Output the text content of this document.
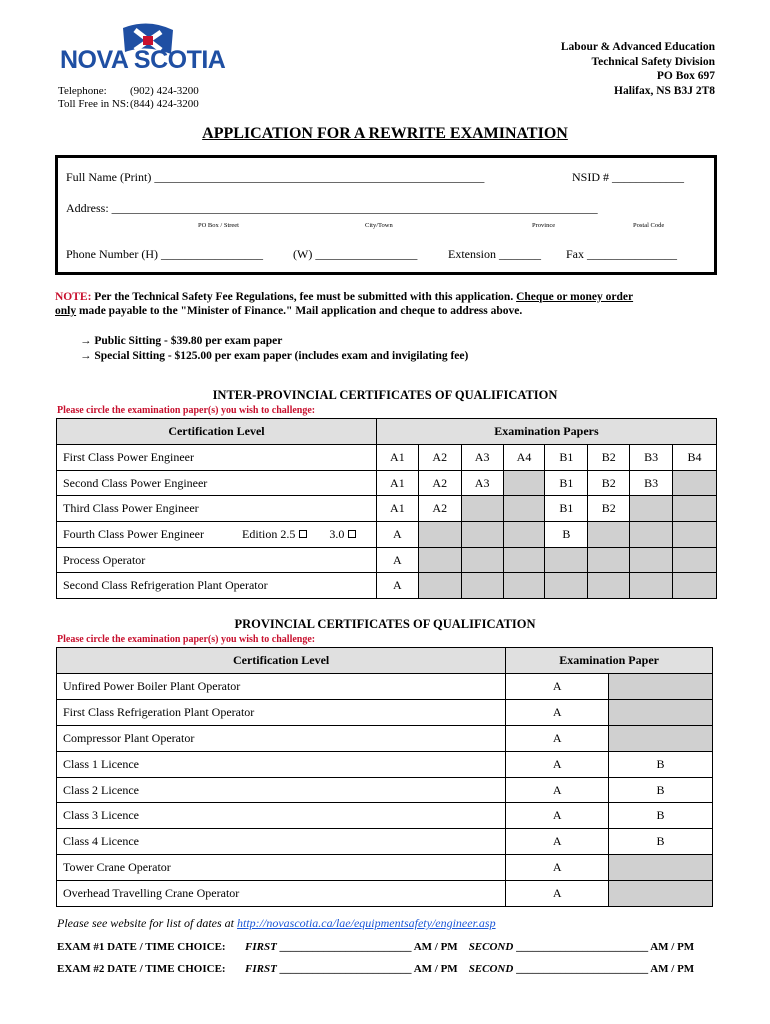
NOVA SCOTIA
Telephone:	(902) 424-3200
Toll Free in NS: (844) 424-3200
Labour & Advanced Education
Technical Safety Division
PO Box 697
Halifax, NS B3J 2T8
APPLICATION FOR A REWRITE EXAMINATION
Full Name (Print) _______________________________________________________	NSID # ____________
Address: _________________________________________________________________________________
PO Box / Street	City/Town	Province	Postal Code
Phone Number (H) _________________	(W) _________________	Extension _______ Fax _______________
NOTE: Per the Technical Safety Fee Regulations, fee must be submitted with this application. Cheque or money order
only made payable to the "Minister of Finance." Mail application and cheque to address above.
→ Public Sitting - $39.80 per exam paper
→ Special Sitting - $125.00 per exam paper (includes exam and invigilating fee)
INTER-PROVINCIAL CERTIFICATES OF QUALIFICATION
Please circle the examination paper(s) you wish to challenge:
Certification Level	Examination Papers							
First Class Power Engineer	A1	A2	A3	A4	B1	B2	B3	B4
Second Class Power Engineer	A1	A2	A3		B1	B2	B3	
Third Class Power Engineer	A1	A2			B1	B2		
Fourth Class Power Engineer Edition 2.5 3.0	A				B			
Process Operator	A							
Second Class Refrigeration Plant Operator	A							
PROVINCIAL CERTIFICATES OF QUALIFICATION
Please circle the examination paper(s) you wish to challenge:
Certification Level	Examination Paper	
Unfired Power Boiler Plant Operator	A	
First Class Refrigeration Plant Operator	A	
Compressor Plant Operator	A	
Class 1 Licence	A	B
Class 2 Licence	A	B
Class 3 Licence	A	B
Class 4 Licence	A	B
Tower Crane Operator	A	
Overhead Travelling Crane Operator	A	
Please see website for list of dates at http://novascotia.ca/lae/equipmentsafety/engineer.asp
EXAM #1 DATE / TIME CHOICE: FIRST ________________________ AM / PM SECOND ________________________ AM / PM
EXAM #2 DATE / TIME CHOICE: FIRST ________________________ AM / PM SECOND ________________________ AM / PM
